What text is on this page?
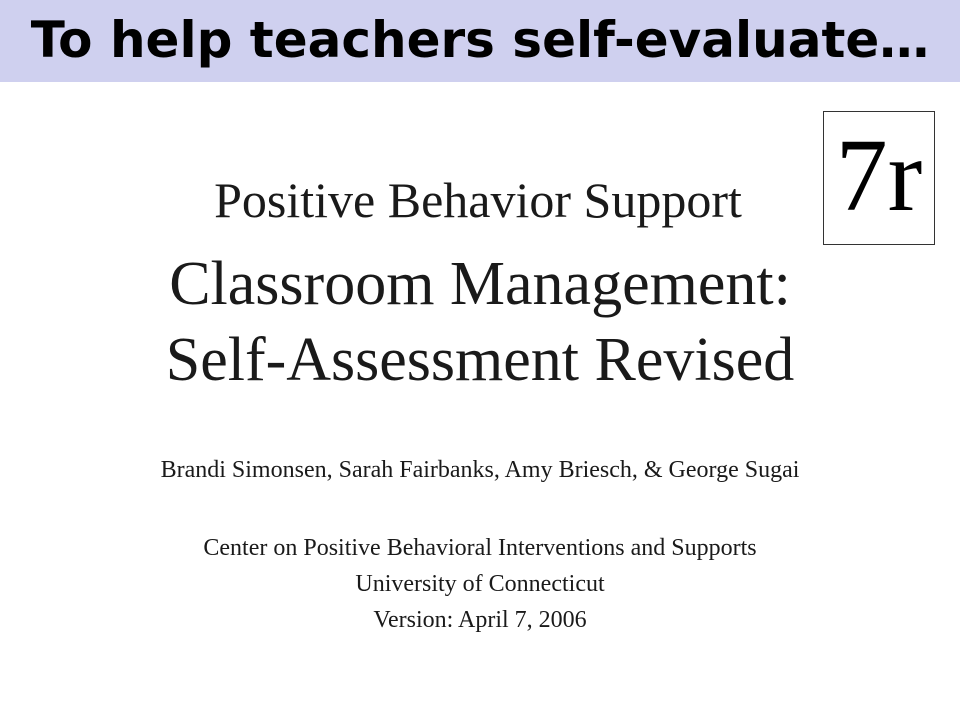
To help teachers self-evaluate…
7r
Positive Behavior Support
Classroom Management:
Self-Assessment Revised
Brandi Simonsen, Sarah Fairbanks, Amy Briesch, & George Sugai
Center on Positive Behavioral Interventions and Supports
University of Connecticut
Version: April 7, 2006
